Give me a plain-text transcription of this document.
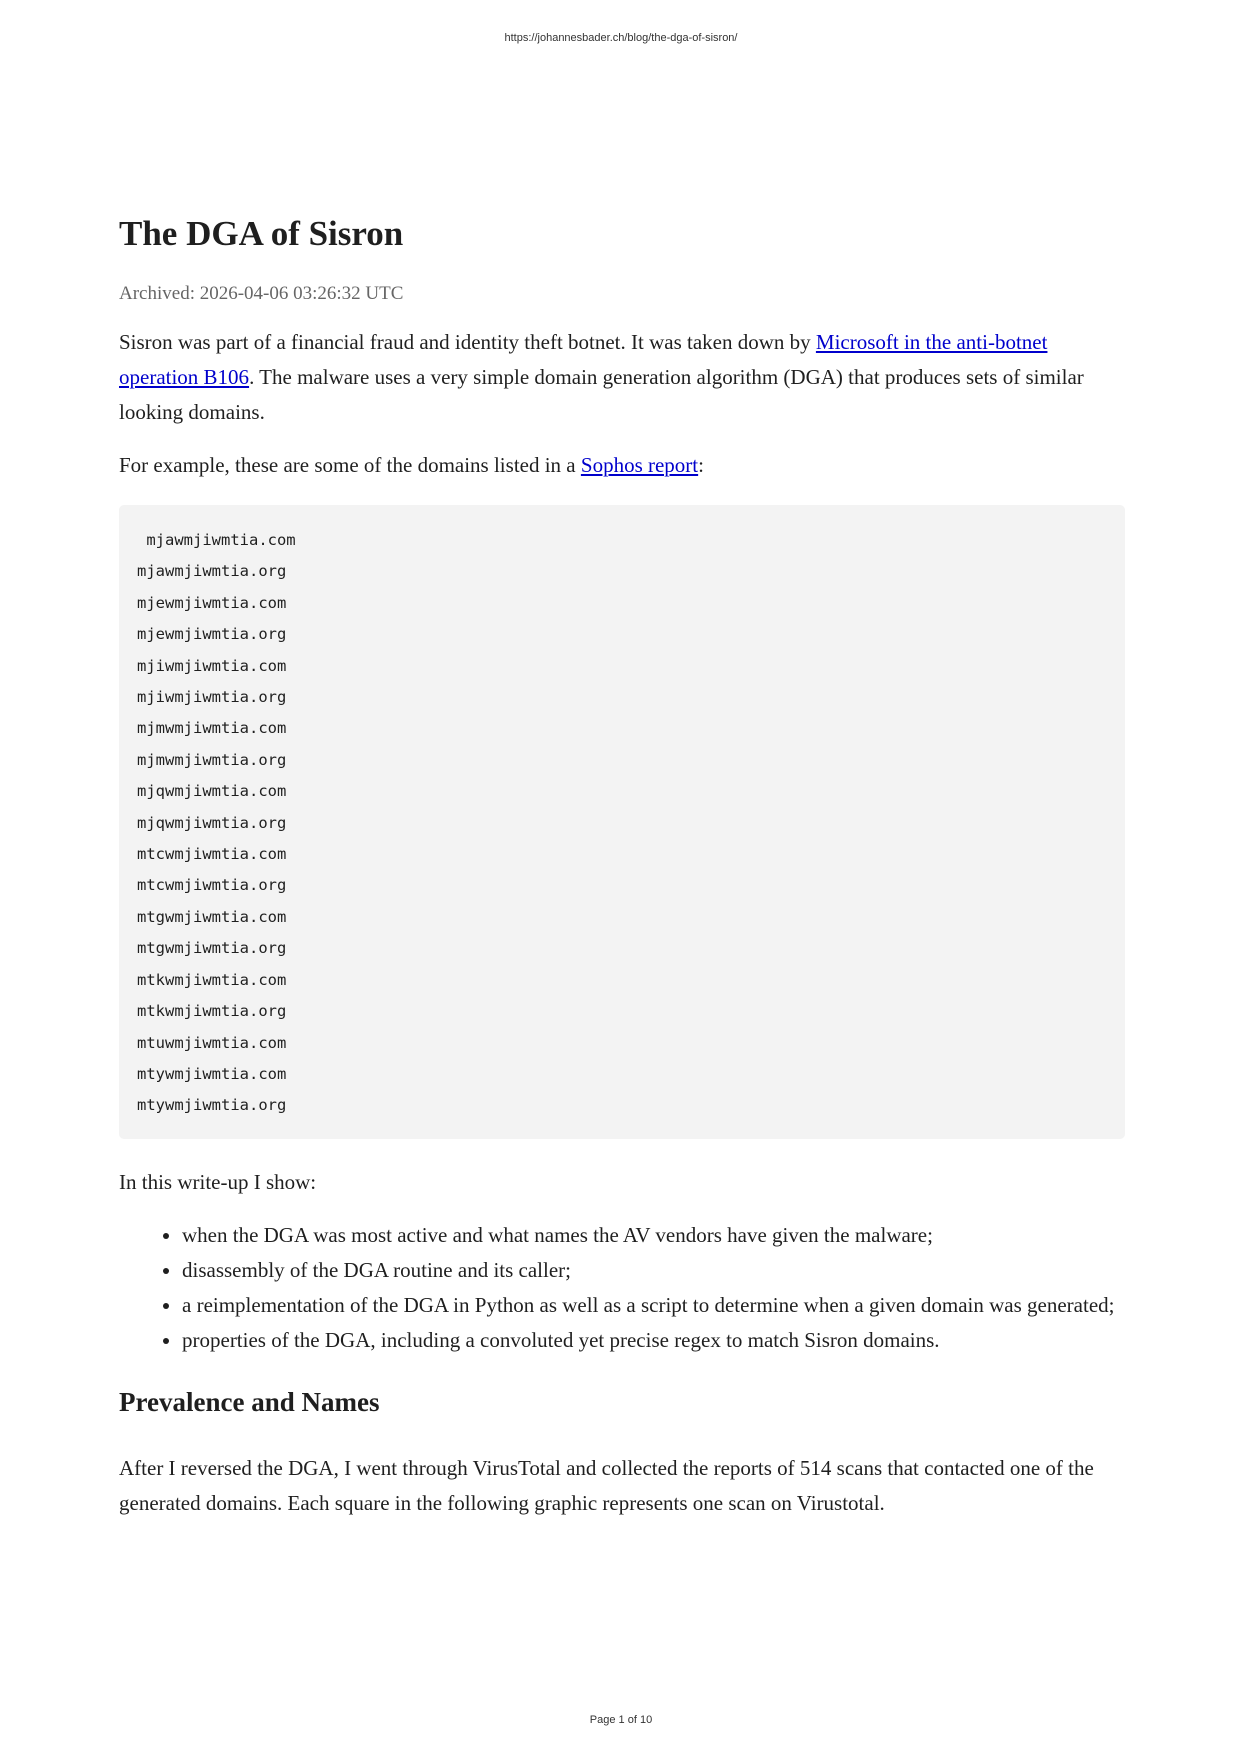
https://johannesbader.ch/blog/the-dga-of-sisron/
The DGA of Sisron
Archived: 2026-04-06 03:26:32 UTC

Sisron was part of a financial fraud and identity theft botnet. It was taken down by Microsoft in the anti-botnet operation B106. The malware uses a very simple domain generation algorithm (DGA) that produces sets of similar looking domains.

For example, these are some of the domains listed in a Sophos report:

mjawmjiwmtia.com
mjawmjiwmtia.org
mjewmjiwmtia.com
mjewmjiwmtia.org
mjiwmjiwmtia.com
mjiwmjiwmtia.org
mjmwmjiwmtia.com
mjmwmjiwmtia.org
mjqwmjiwmtia.com
mjqwmjiwmtia.org
mtcwmjiwmtia.com
mtcwmjiwmtia.org
mtgwmjiwmtia.com
mtgwmjiwmtia.org
mtkwmjiwmtia.com
mtkwmjiwmtia.org
mtuwmjiwmtia.com
mtywmjiwmtia.com
mtywmjiwmtia.org

In this write-up I show:

• when the DGA was most active and what names the AV vendors have given the malware;
• disassembly of the DGA routine and its caller;
• a reimplementation of the DGA in Python as well as a script to determine when a given domain was generated;
• properties of the DGA, including a convoluted yet precise regex to match Sisron domains.
Prevalence and Names

After I reversed the DGA, I went through VirusTotal and collected the reports of 514 scans that contacted one of the generated domains. Each square in the following graphic represents one scan on Virustotal.

Page 1 of 10
